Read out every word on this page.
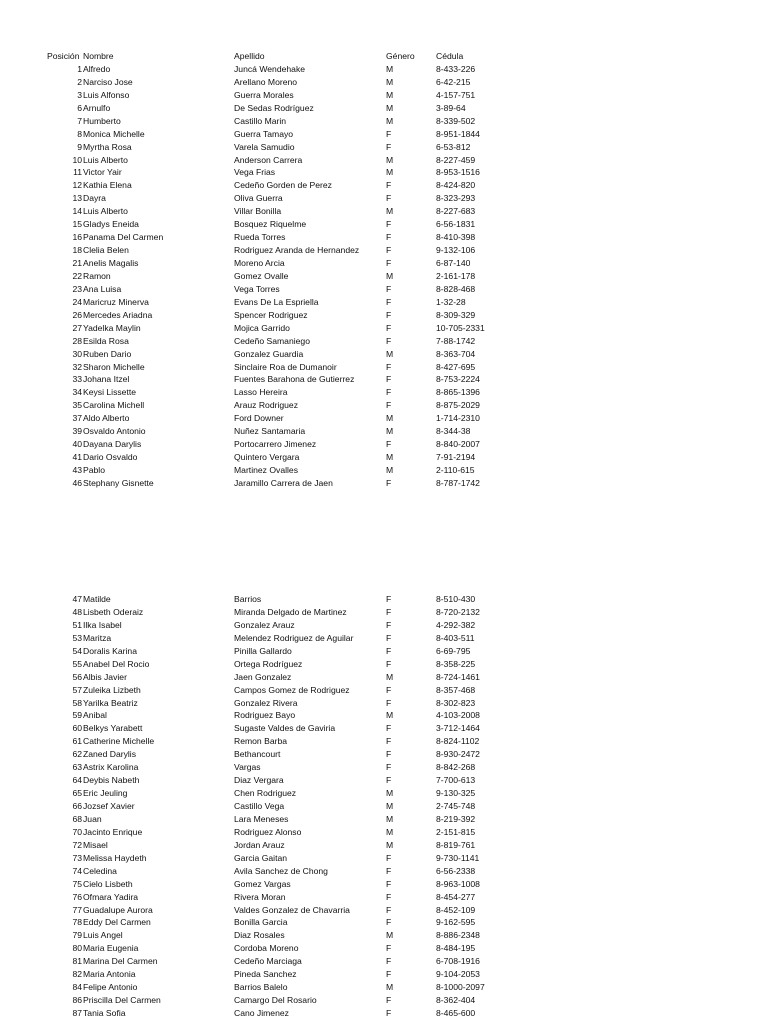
Posición Nombre	Apellido	Género Cédula
1 Alfredo	Juncá Wendehake	M	8-433-226
2 Narciso Jose	Arellano Moreno	M	6-42-215
3 Luis Alfonso	Guerra Morales	M	4-157-751
6 Arnulfo	De Sedas Rodríguez	M	3-89-64
7 Humberto	Castillo Marin	M	8-339-502
8 Monica Michelle	Guerra Tamayo	F	8-951-1844
9 Myrtha Rosa	Varela Samudio	F	6-53-812
10 Luis Alberto	Anderson Carrera	M	8-227-459
11 Victor Yair	Vega Frias	M	8-953-1516
12 Kathia Elena	Cedeño Gorden de Perez	F	8-424-820
13 Dayra	Oliva Guerra	F	8-323-293
14 Luis Alberto	Villar Bonilla	M	8-227-683
15 Gladys Eneida	Bosquez Riquelme	F	6-56-1831
16 Panama Del Carmen	Rueda Torres	F	8-410-398
18 Clelia Belen	Rodriguez Aranda de Hernandez	F	9-132-106
21 Anelis Magalis	Moreno Arcia	F	6-87-140
22 Ramon	Gomez Ovalle	M	2-161-178
23 Ana Luisa	Vega Torres	F	8-828-468
24 Maricruz Minerva	Evans De La Espriella	F	1-32-28
26 Mercedes Ariadna	Spencer Rodriguez	F	8-309-329
27 Yadelka Maylin	Mojica Garrido	F	10-705-2331
28 Esilda Rosa	Cedeño Samaniego	F	7-88-1742
30 Ruben Dario	Gonzalez Guardia	M	8-363-704
32 Sharon Michelle	Sinclaire Roa de Dumanoir	F	8-427-695
33 Johana Itzel	Fuentes Barahona de Gutierrez	F	8-753-2224
34 Keysi Lissette	Lasso Hereira	F	8-865-1396
35 Carolina Michell	Arauz Rodriguez	F	8-875-2029
37 Aldo Alberto	Ford Downer	M	1-714-2310
39 Osvaldo Antonio	Nuñez Santamaria	M	8-344-38
40 Dayana Darylis	Portocarrero Jimenez	F	8-840-2007
41 Dario Osvaldo	Quintero Vergara	M	7-91-2194
43 Pablo	Martinez Ovalles	M	2-110-615
46 Stephany Gisnette	Jaramillo Carrera de Jaen	F	8-787-1742
47 Matilde	Barrios	F	8-510-430
48 Lisbeth Oderaiz	Miranda Delgado de Martinez	F	8-720-2132
51 Ilka Isabel	Gonzalez Arauz	F	4-292-382
53 Maritza	Melendez Rodriguez de Aguilar	F	8-403-511
54 Doralis Karina	Pinilla Gallardo	F	6-69-795
55 Anabel Del Rocio	Ortega Rodríguez	F	8-358-225
56 Albis Javier	Jaen Gonzalez	M	8-724-1461
57 Zuleika Lizbeth	Campos Gomez de Rodriguez	F	8-357-468
58 Yarilka Beatriz	Gonzalez Rivera	F	8-302-823
59 Anibal	Rodriguez Bayo	M	4-103-2008
60 Belkys Yarabett	Sugaste Valdes de Gaviria	F	3-712-1464
61 Catherine Michelle	Remon Barba	F	8-824-1102
62 Zaned Darylis	Bethancourt	F	8-930-2472
63 Astrix Karolina	Vargas	F	8-842-268
64 Deybis Nabeth	Diaz Vergara	F	7-700-613
65 Eric Jeuling	Chen Rodriguez	M	9-130-325
66 Jozsef Xavier	Castillo Vega	M	2-745-748
68 Juan	Lara Meneses	M	8-219-392
70 Jacinto Enrique	Rodriguez Alonso	M	2-151-815
72 Misael	Jordan Arauz	M	8-819-761
73 Melissa Haydeth	Garcia Gaitan	F	9-730-1141
74 Celedina	Avila Sanchez de Chong	F	6-56-2338
75 Cielo Lisbeth	Gomez Vargas	F	8-963-1008
76 Ofmara Yadira	Rivera Moran	F	8-454-277
77 Guadalupe Aurora	Valdes Gonzalez de Chavarria	F	8-452-109
78 Eddy Del Carmen	Bonilla Garcia	F	9-162-595
79 Luis Angel	Diaz Rosales	M	8-886-2348
80 Maria Eugenia	Cordoba Moreno	F	8-484-195
81 Marina Del Carmen	Cedeño Marciaga	F	6-708-1916
82 Maria Antonia	Pineda Sanchez	F	9-104-2053
84 Felipe Antonio	Barrios Balelo	M	8-1000-2097
86 Priscilla Del Carmen	Camargo Del Rosario	F	8-362-404
87 Tania Sofia	Cano Jimenez	F	8-465-600
